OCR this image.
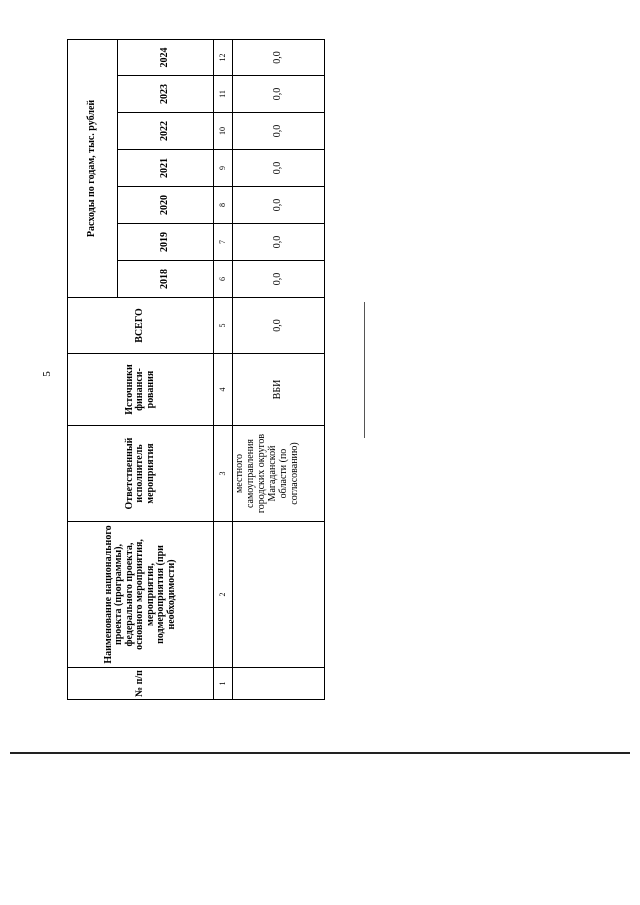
5
№ п/п	Наименование национального проекта (программы), федерального проекта, основного мероприятия, мероприятия, подмероприятия (при необходимости)	Ответственный исполнитель мероприятия	Источники финанси-рования	ВСЕГО	Расходы по годам, тыс. рублей						
					2018	2019	2020	2021	2022	2023	2024
1	2	3	4	5	6	7	8	9	10	11	12
		местного самоуправления городских округов Магаданской области (по согласованию)	ВБИ	0,0	0,0	0,0	0,0	0,0	0,0	0,0	0,0
